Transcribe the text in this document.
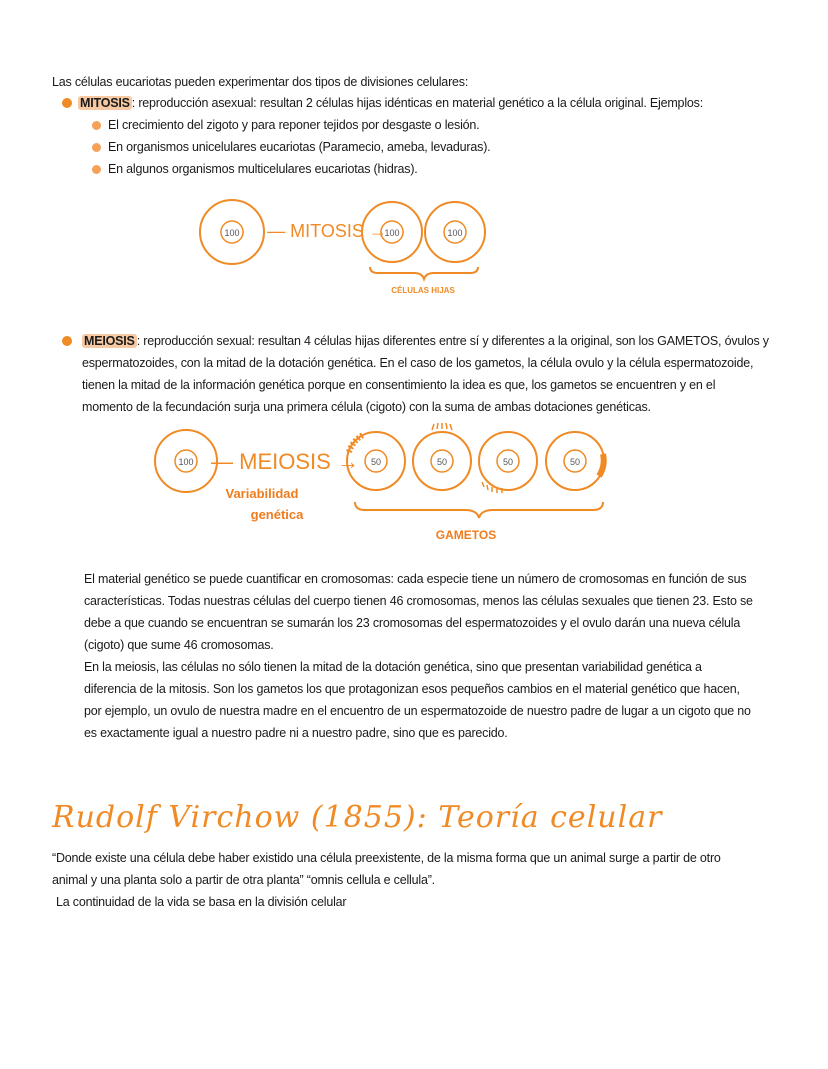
Las células eucariotas pueden experimentar dos tipos de divisiones celulares:
MITOSIS : reproducción asexual: resultan 2 células hijas idénticas en material genético a la célula original. Ejemplos:
El crecimiento del zigoto y para reponer tejidos por desgaste o lesión.
En organismos unicelulares eucariotas (Paramecio, ameba, levaduras).
En algunos organismos multicelulares eucariotas (hidras).
100 — MITOSIS →
100	100
CÉLULAS HIJAS
MEIOSIS : reproducción sexual: resultan 4 células hijas diferentes entre sí y diferentes a la original, son los GAMETOS, óvulos y
espermatozoides, con la mitad de la dotación genética. En el caso de los gametos, la célula ovulo y la célula espermatozoide,
tienen la mitad de la información genética porque en consentimiento la idea es que, los gametos se encuentren y en el
momento de la fecundación surja una primera célula (cigoto) con la suma de ambas dotaciones genéticas.
100 — MEIOSIS →
Variabilidad
genética
50	50	50	50
GAMETOS
El material genético se puede cuantificar en cromosomas: cada especie tiene un número de cromosomas en función de sus
características. Todas nuestras células del cuerpo tienen 46 cromosomas, menos las células sexuales que tienen 23. Esto se
debe a que cuando se encuentran se sumarán los 23 cromosomas del espermatozoides y el ovulo darán una nueva célula
(cigoto) que sume 46 cromosomas.
En la meiosis, las células no sólo tienen la mitad de la dotación genética, sino que presentan variabilidad genética a
diferencia de la mitosis. Son los gametos los que protagonizan esos pequeños cambios en el material genético que hacen,
por ejemplo, un ovulo de nuestra madre en el encuentro de un espermatozoide de nuestro padre de lugar a un cigoto que no
es exactamente igual a nuestro padre ni a nuestro padre, sino que es parecido.
Rudolf Virchow (1855): Teoría celular
“Donde existe una célula debe haber existido una célula preexistente, de la misma forma que un animal surge a partir de otro
animal y una planta solo a partir de otra planta” “omnis cellula e cellula”.
La continuidad de la vida se basa en la división celular
